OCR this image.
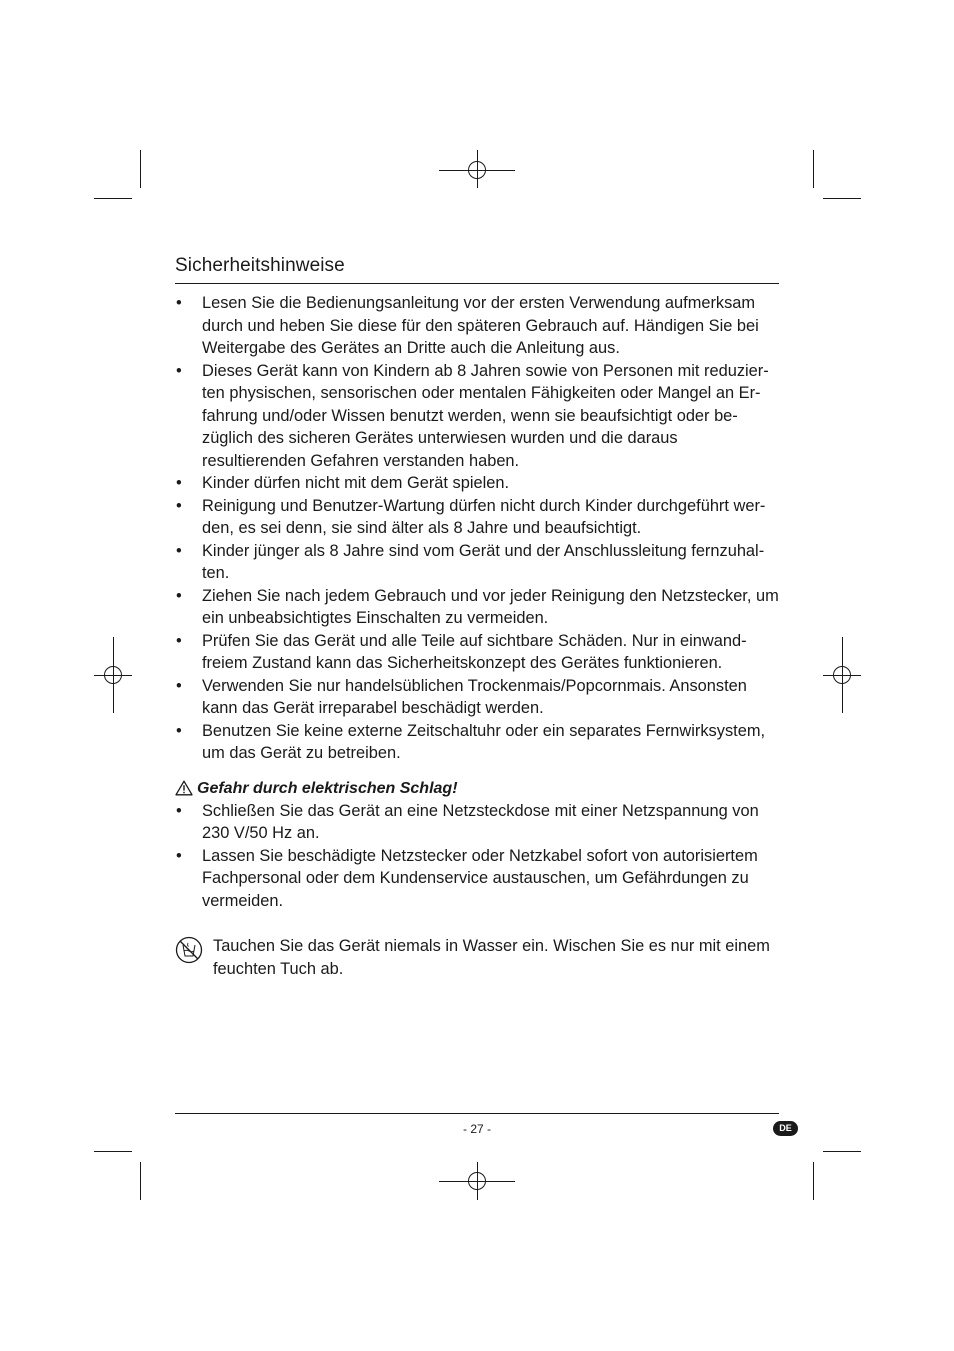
Sicherheitshinweise
• Lesen Sie die Bedienungsanleitung vor der ersten Verwendung aufmerksam durch und heben Sie diese für den späteren Gebrauch auf. Händigen Sie bei Weitergabe des Gerätes an Dritte auch die Anleitung aus.
• Dieses Gerät kann von Kindern ab 8 Jahren sowie von Personen mit reduzier-ten physischen, sensorischen oder mentalen Fähigkeiten oder Mangel an Er-fahrung und/oder Wissen benutzt werden, wenn sie beaufsichtigt oder be-züglich des sicheren Gerätes unterwiesen wurden und die daraus resultierenden Gefahren verstanden haben.
• Kinder dürfen nicht mit dem Gerät spielen.
• Reinigung und Benutzer-Wartung dürfen nicht durch Kinder durchgeführt wer-den, es sei denn, sie sind älter als 8 Jahre und beaufsichtigt.
• Kinder jünger als 8 Jahre sind vom Gerät und der Anschlussleitung fernzuhal-ten.
• Ziehen Sie nach jedem Gebrauch und vor jeder Reinigung den Netzstecker, um ein unbeabsichtigtes Einschalten zu vermeiden.
• Prüfen Sie das Gerät und alle Teile auf sichtbare Schäden. Nur in einwand-freiem Zustand kann das Sicherheitskonzept des Gerätes funktionieren.
• Verwenden Sie nur handelsüblichen Trockenmais/Popcornmais. Ansonsten kann das Gerät irreparabel beschädigt werden.
• Benutzen Sie keine externe Zeitschaltuhr oder ein separates Fernwirksystem, um das Gerät zu betreiben.
Gefahr durch elektrischen Schlag!
• Schließen Sie das Gerät an eine Netzsteckdose mit einer Netzspannung von 230 V/50 Hz an.
• Lassen Sie beschädigte Netzstecker oder Netzkabel sofort von autorisiertem Fachpersonal oder dem Kundenservice austauschen, um Gefährdungen zu vermeiden.
Tauchen Sie das Gerät niemals in Wasser ein. Wischen Sie es nur mit einem feuchten Tuch ab.
- 27 -	DE
